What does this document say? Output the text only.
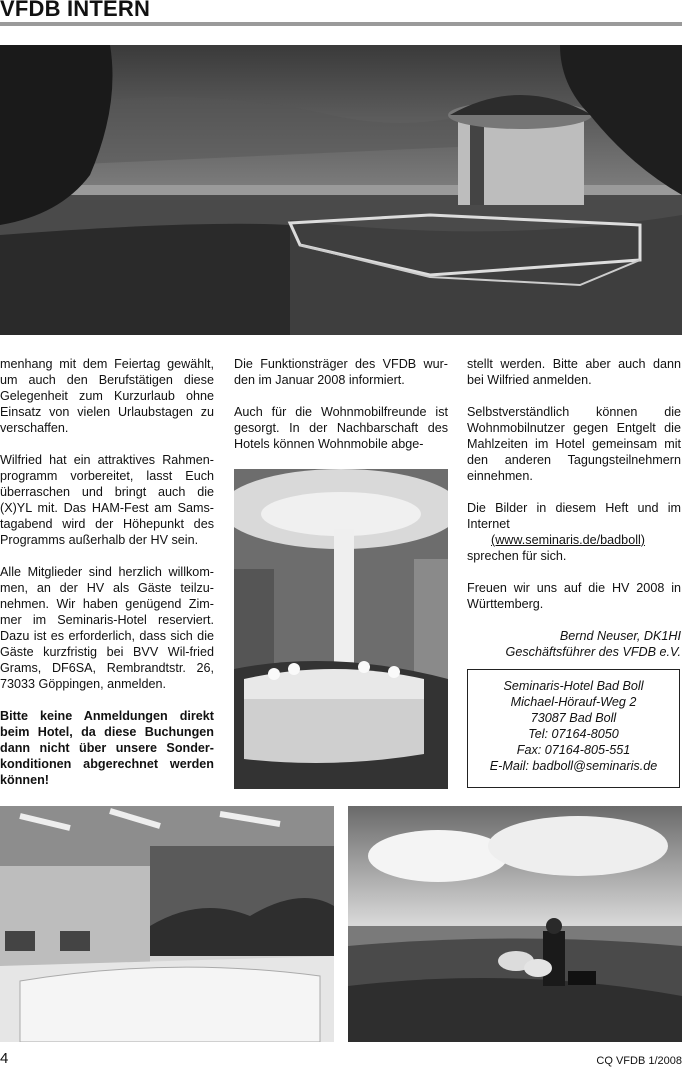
VFDB INTERN

menhang mit dem Feiertag gewählt, um auch den Berufstätigen diese Gelegenheit zum Kurzurlaub ohne Einsatz von vielen Urlaubstagen zu verschaffen.

Wilfried hat ein attraktives Rahmen-programm vorbereitet, lasst Euch überraschen und bringt auch die (X)YL mit. Das HAM-Fest am Sams-tagabend wird der Höhepunkt des Programms außerhalb der HV sein.

Alle Mitglieder sind herzlich willkom-men, an der HV als Gäste teilzu-nehmen. Wir haben genügend Zim-mer im Seminaris-Hotel reserviert. Dazu ist es erforderlich, dass sich die Gäste kurzfristig bei BVV Wil-fried Grams, DF6SA, Rembrandtstr. 26, 73033 Göppingen, anmelden.

Bitte keine Anmeldungen direkt beim Hotel, da diese Buchungen dann nicht über unsere Sonder-konditionen abgerechnet werden können!

Die Funktionsträger des VFDB wur-den im Januar 2008 informiert.

Auch für die Wohnmobilfreunde ist gesorgt. In der Nachbarschaft des Hotels können Wohnmobile abge-

stellt werden. Bitte aber auch dann bei Wilfried anmelden.

Selbstverständlich können die Wohnmobilnutzer gegen Entgelt die Mahlzeiten im Hotel gemeinsam mit den anderen Tagungsteilnehmern einnehmen.

Die Bilder in diesem Heft und im Internet

(www.seminaris.de/badboll)

sprechen für sich.

Freuen wir uns auf die HV 2008 in Württemberg.

Bernd Neuser, DK1HI
Geschäftsführer des VFDB e.V.
Seminaris-Hotel Bad Boll
Michael-Hörauf-Weg 2
73087 Bad Boll
Tel: 07164-8050
Fax: 07164-805-551
E-Mail: badboll@seminaris.de
4	CQ VFDB 1/2008
